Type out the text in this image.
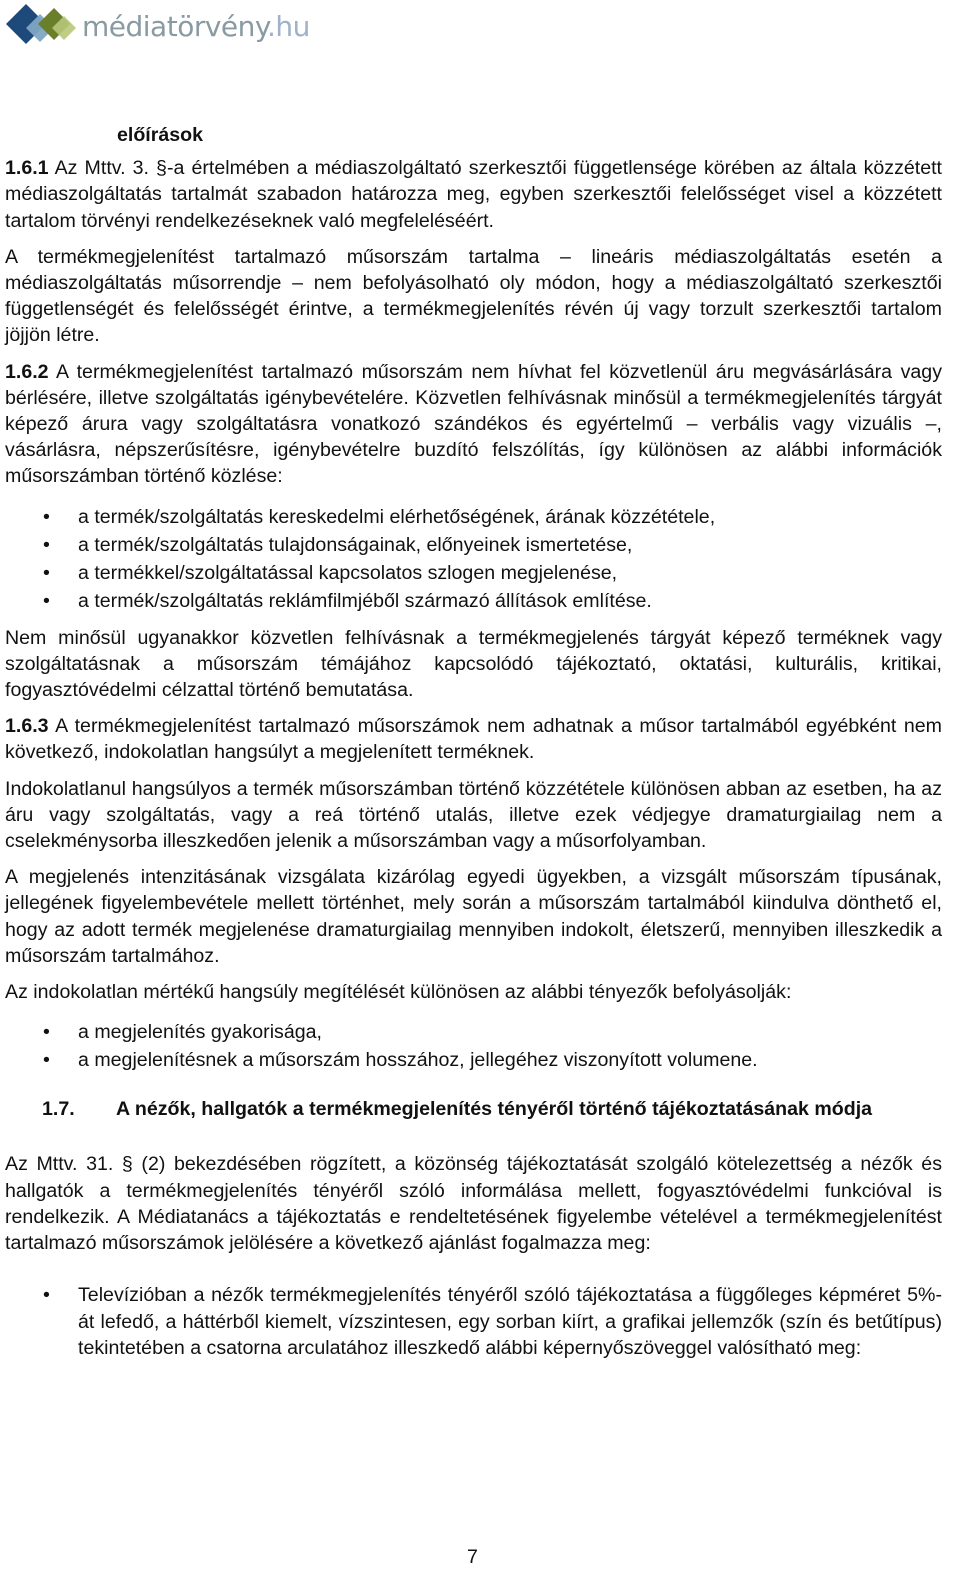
médiatörvény.hu

előírások

1.6.1 Az Mttv. 3. §-a értelmében a médiaszolgáltató szerkesztői függetlensége körében az általa közzétett médiaszolgáltatás tartalmát szabadon határozza meg, egyben szerkesztői felelősséget visel a közzétett tartalom törvényi rendelkezéseknek való megfeleléséért.

A termékmegjelenítést tartalmazó műsorszám tartalma – lineáris médiaszolgáltatás esetén a médiaszolgáltatás műsorrendje – nem befolyásolható oly módon, hogy a médiaszolgáltató szerkesztői függetlenségét és felelősségét érintve, a termékmegjelenítés révén új vagy torzult szerkesztői tartalom jöjjön létre.

1.6.2 A termékmegjelenítést tartalmazó műsorszám nem hívhat fel közvetlenül áru megvásárlására vagy bérlésére, illetve szolgáltatás igénybevételére. Közvetlen felhívásnak minősül a termékmegjelenítés tárgyát képező árura vagy szolgáltatásra vonatkozó szándékos és egyértelmű – verbális vagy vizuális –, vásárlásra, népszerűsítésre, igénybevételre buzdító felszólítás, így különösen az alábbi információk műsorszámban történő közlése:

• a termék/szolgáltatás kereskedelmi elérhetőségének, árának közzététele,
• a termék/szolgáltatás tulajdonságainak, előnyeinek ismertetése,
• a termékkel/szolgáltatással kapcsolatos szlogen megjelenése,
• a termék/szolgáltatás reklámfilmjéből származó állítások említése.

Nem minősül ugyanakkor közvetlen felhívásnak a termékmegjelenés tárgyát képező terméknek vagy szolgáltatásnak a műsorszám témájához kapcsolódó tájékoztató, oktatási, kulturális, kritikai, fogyasztóvédelmi célzattal történő bemutatása.

1.6.3 A termékmegjelenítést tartalmazó műsorszámok nem adhatnak a műsor tartalmából egyébként nem következő, indokolatlan hangsúlyt a megjelenített terméknek.

Indokolatlanul hangsúlyos a termék műsorszámban történő közzététele különösen abban az esetben, ha az áru vagy szolgáltatás, vagy a reá történő utalás, illetve ezek védjegye dramaturgiailag nem a cselekménysorba illeszkedően jelenik a műsorszámban vagy a műsorfolyamban.

A megjelenés intenzitásának vizsgálata kizárólag egyedi ügyekben, a vizsgált műsorszám típusának, jellegének figyelembevétele mellett történhet, mely során a műsorszám tartalmából kiindulva dönthető el, hogy az adott termék megjelenése dramaturgiailag mennyiben indokolt, életszerű, mennyiben illeszkedik a műsorszám tartalmához.

Az indokolatlan mértékű hangsúly megítélését különösen az alábbi tényezők befolyásolják:

• a megjelenítés gyakorisága,
• a megjelenítésnek a műsorszám hosszához, jellegéhez viszonyított volumene.
1.7.	A nézők, hallgatók a termékmegjelenítés tényéről történő tájékoztatásának módja

Az Mttv. 31. § (2) bekezdésében rögzített, a közönség tájékoztatását szolgáló kötelezettség a nézők és hallgatók a termékmegjelenítés tényéről szóló informálása mellett, fogyasztóvédelmi funkcióval is rendelkezik. A Médiatanács a tájékoztatás e rendeltetésének figyelembe vételével a termékmegjelenítést tartalmazó műsorszámok jelölésére a következő ajánlást fogalmazza meg:

• Televízióban a nézők termékmegjelenítés tényéről szóló tájékoztatása a függőleges képméret 5%-át lefedő, a háttérből kiemelt, vízszintesen, egy sorban kiírt, a grafikai jellemzők (szín és betűtípus) tekintetében a csatorna arculatához illeszkedő alábbi képernyőszöveggel valósítható meg:
7
